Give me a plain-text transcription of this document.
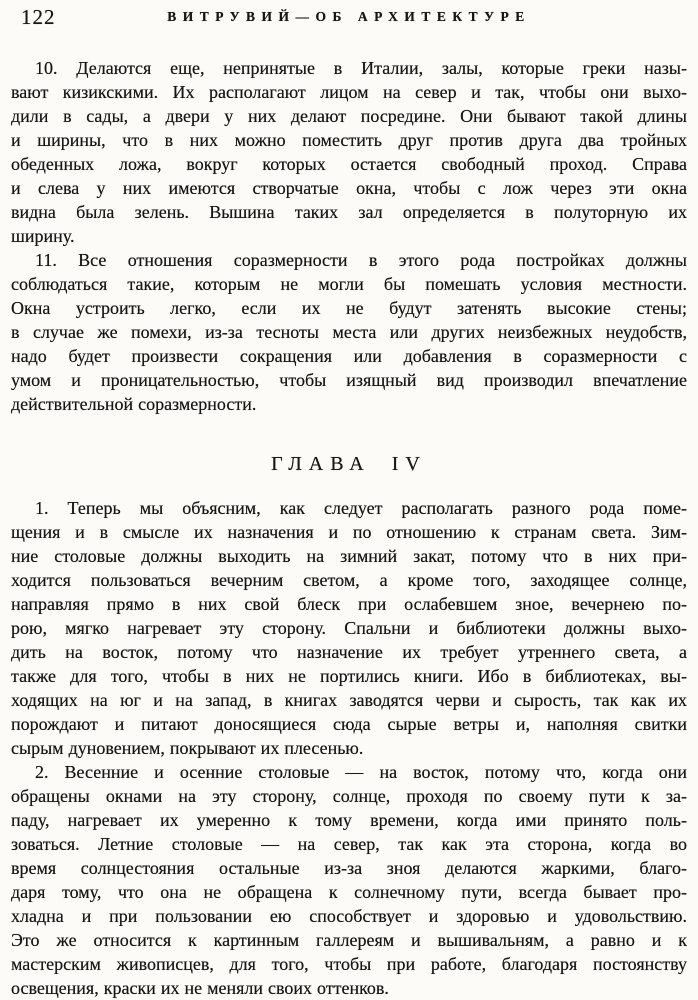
122	ВИТРУВИЙ—ОБ АРХИТЕКТУРЕ
10. Делаются еще, непринятые в Италии, залы, которые греки назы-
вают кизикскими. Их располагают лицом на север и так, чтобы они выхо-
дили в сады, а двери у них делают посредине. Они бывают такой длины
и ширины, что в них можно поместить друг против друга два тройных
обеденных ложа, вокруг которых остается свободный проход. Справа
и слева у них имеются створчатые окна, чтобы с лож через эти окна
видна была зелень. Вышина таких зал определяется в полуторную их
ширину.
11. Все отношения соразмерности в этого рода постройках должны
соблюдаться такие, которым не могли бы помешать условия местности.
Окна устроить легко, если их не будут затенять высокие стены;
в случае же помехи, из-за тесноты места или других неизбежных неудобств,
надо будет произвести сокращения или добавления в соразмерности с
умом и проницательностью, чтобы изящный вид производил впечатление
действительной соразмерности.
ГЛАВА IV
1. Теперь мы объясним, как следует располагать разного рода поме-
щения и в смысле их назначения и по отношению к странам света. Зим-
ние столовые должны выходить на зимний закат, потому что в них при-
ходится пользоваться вечерним светом, а кроме того, заходящее солнце,
направляя прямо в них свой блеск при ослабевшем зное, вечернею по-
рою, мягко нагревает эту сторону. Спальни и библиотеки должны выхо-
дить на восток, потому что назначение их требует утреннего света, а
также для того, чтобы в них не портились книги. Ибо в библиотеках, вы-
ходящих на юг и на запад, в книгах заводятся черви и сырость, так как их
порождают и питают доносящиеся сюда сырые ветры и, наполняя свитки
сырым дуновением, покрывают их плесенью.
2. Весенние и осенние столовые — на восток, потому что, когда они
обращены окнами на эту сторону, солнце, проходя по своему пути к за-
паду, нагревает их умеренно к тому времени, когда ими принято поль-
зоваться. Летние столовые — на север, так как эта сторона, когда во
время солнцестояния остальные из-за зноя делаются жаркими, благо-
даря тому, что она не обращена к солнечному пути, всегда бывает про-
хладна и при пользовании ею способствует и здоровью и удовольствию.
Это же относится к картинным галлереям и вышивальням, а равно и к
мастерским живописцев, для того, чтобы при работе, благодаря постоянству
освещения, краски их не меняли своих оттенков.
